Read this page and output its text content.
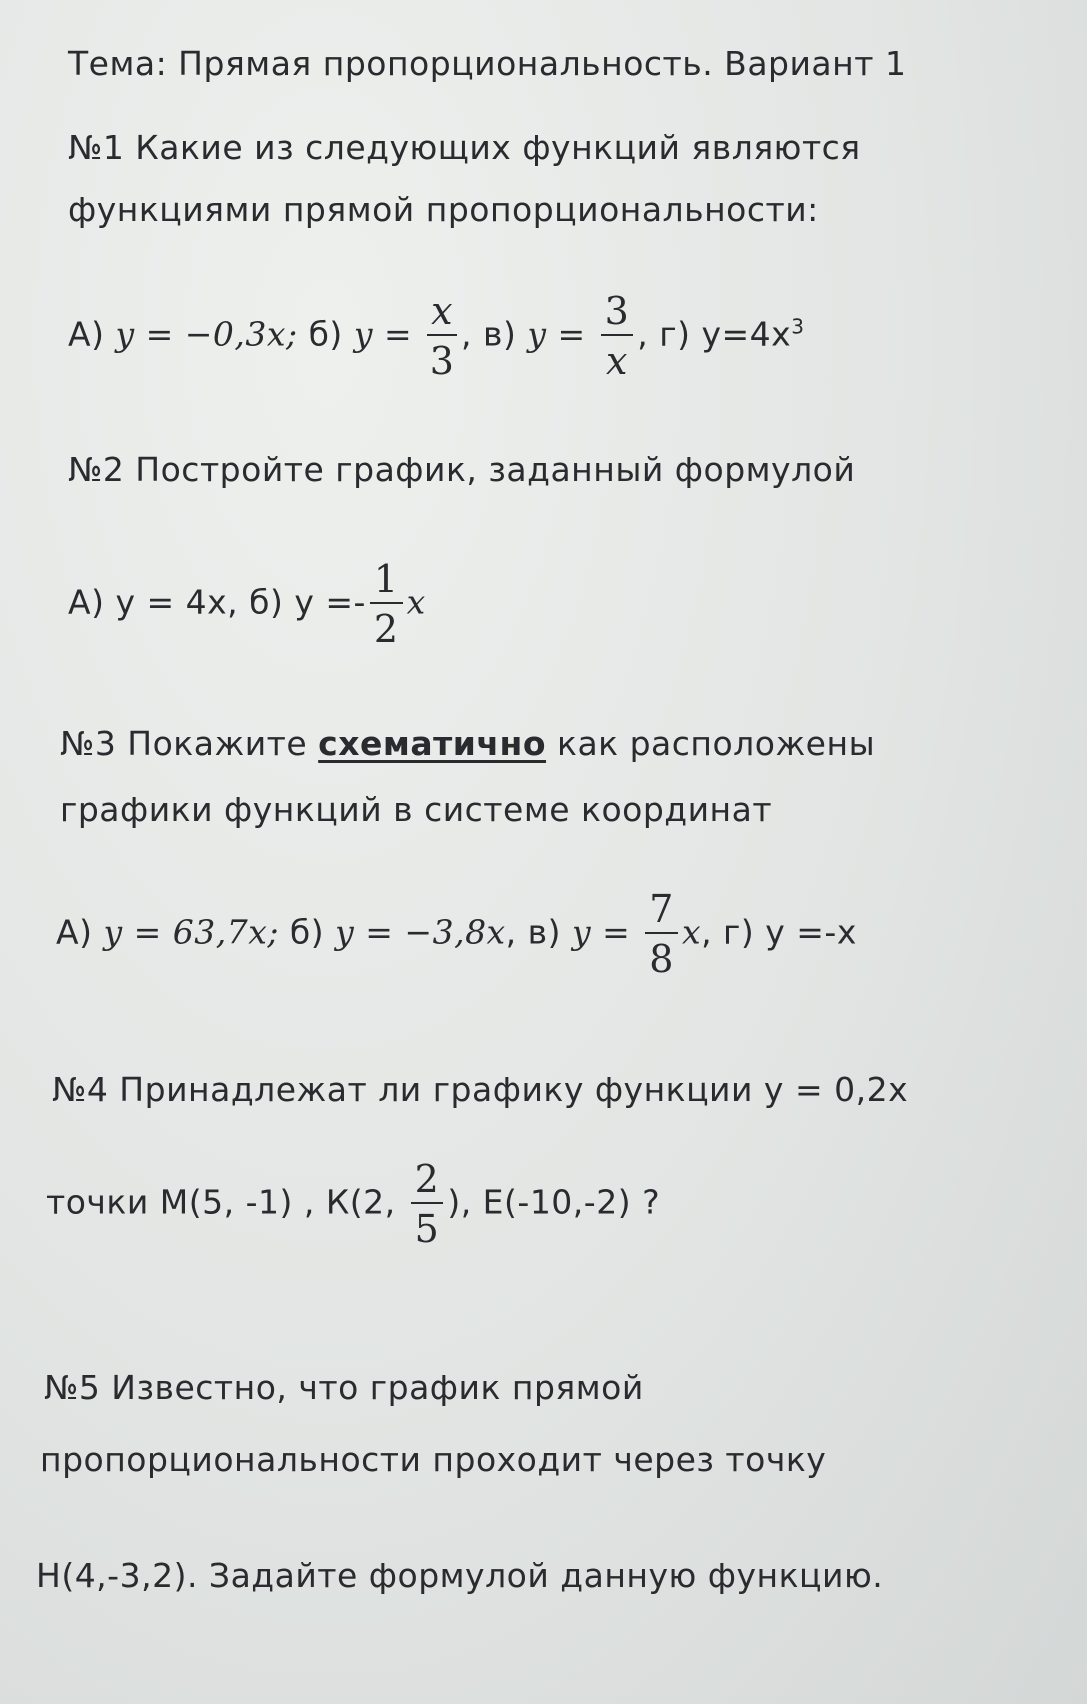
Тема: Прямая пропорциональность. Вариант 1
№1 Какие из следующих функций являются
функциями прямой пропорциональности:
А) y = −0,3x; б) $y = \frac{x}{3}$ , в) $y = \frac{3}{x}$ , г) $y=4x^3$
№2 Постройте график, заданный формулой
А) у = 4х, б) $у =- \frac{1}{2}$ x
№3 Покажите схематично как расположены
графики функций в системе координат
А) y = 63,7x; б) y = −3,8x, в) $y = \frac{7}{8} x$, г) у =-х
№4 Принадлежат ли графику функции у = 0,2х
точки М(5, -1) , К(2, $\frac{2}{5}$ ), Е(-10,-2) ?
№5 Известно, что график прямой
пропорциональности проходит через точку
Н(4,-3,2). Задайте формулой данную функцию.
